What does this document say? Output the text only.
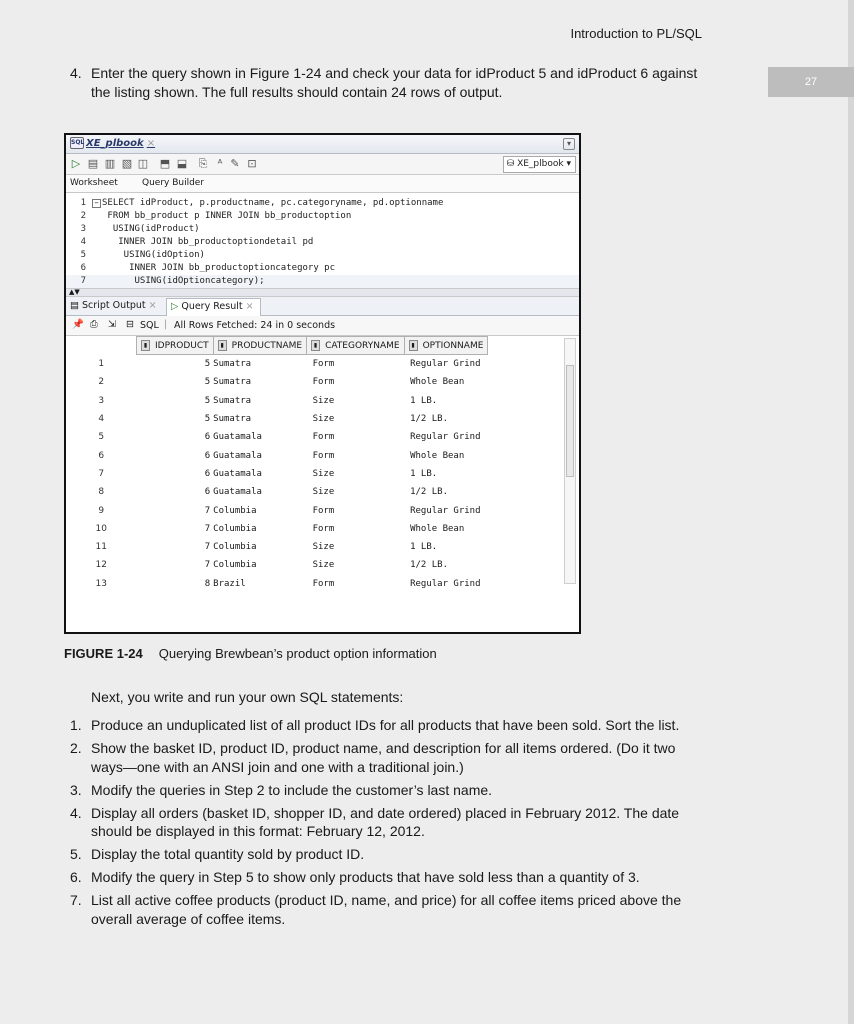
Introduction to PL/SQL
27
4. Enter the query shown in Figure 1-24 and check your data for idProduct 5 and idProduct 6 against the listing shown. The full results should contain 24 rows of output.
SQL XE_plbook ×	▾
▷ ▤ ▥ ▧ ◫ ⬒ ⬓ ⎘ ᴬ ✎ ⊡	⛁ XE_plbook ▾
Worksheet	Query Builder
1
2
3
4
5
6
7
− SELECT idProduct, p.productname, pc.categoryname, pd.optionname
FROM bb_product p INNER JOIN bb_productoption
USING(idProduct)
INNER JOIN bb_productoptiondetail pd
USING(idOption)
INNER JOIN bb_productoptioncategory pc
USING(idOptioncategory);
▲▼
▤ Script Output ×	▷ Query Result ×
📌 ⎙ ⇲ ⊟ SQL | All Rows Fetched: 24 in 0 seconds
	▮ IDPRODUCT	▮ PRODUCTNAME	▮ CATEGORYNAME	▮ OPTIONNAME
1	5	Sumatra	Form	Regular Grind
2	5	Sumatra	Form	Whole Bean
3	5	Sumatra	Size	1 LB.
4	5	Sumatra	Size	1/2 LB.
5	6	Guatamala	Form	Regular Grind
6	6	Guatamala	Form	Whole Bean
7	6	Guatamala	Size	1 LB.
8	6	Guatamala	Size	1/2 LB.
9	7	Columbia	Form	Regular Grind
10	7	Columbia	Form	Whole Bean
11	7	Columbia	Size	1 LB.
12	7	Columbia	Size	1/2 LB.
13	8	Brazil	Form	Regular Grind
FIGURE 1-24 Querying Brewbean’s product option information
Next, you write and run your own SQL statements:
1. Produce an unduplicated list of all product IDs for all products that have been sold. Sort the list.
2. Show the basket ID, product ID, product name, and description for all items ordered. (Do it two ways—one with an ANSI join and one with a traditional join.)
3. Modify the queries in Step 2 to include the customer’s last name.
4. Display all orders (basket ID, shopper ID, and date ordered) placed in February 2012. The date should be displayed in this format: February 12, 2012.
5. Display the total quantity sold by product ID.
6. Modify the query in Step 5 to show only products that have sold less than a quantity of 3.
7. List all active coffee products (product ID, name, and price) for all coffee items priced above the overall average of coffee items.
